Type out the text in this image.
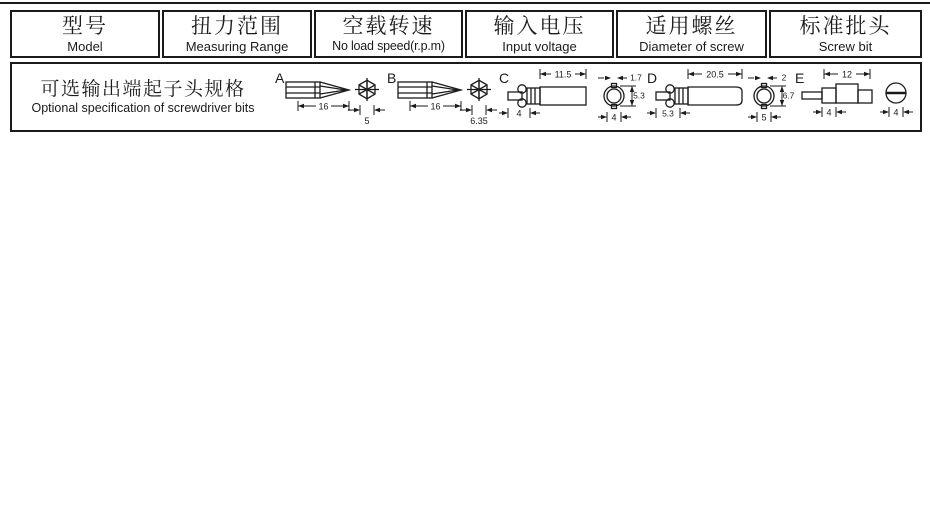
型号
Model

扭力范围
Measuring Range

空载转速
No load speed(r.p.m)

输入电压
Input voltage

适用螺丝
Diameter of screw

标准批头
Screw bit
可选输出端起子头规格
Optional specification of screwdriver bits
A
16
5
B
16
6.35
C	11.5
4
1.7
5.3
4
D	20.5
5.3
2
6.7
5
E	12
4	4
